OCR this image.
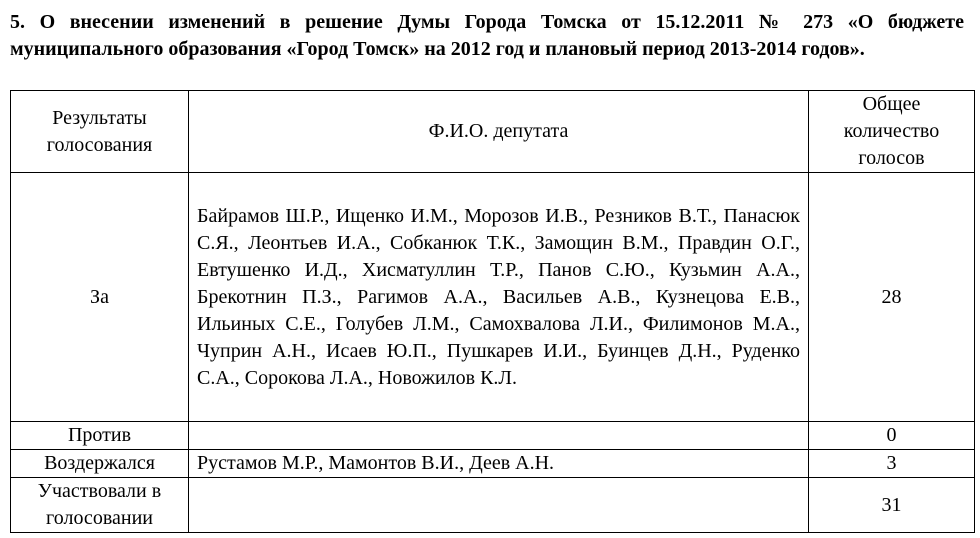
5. О внесении изменений в решение Думы Города Томска от 15.12.2011 № 273 «О бюджете муниципального образования «Город Томск» на 2012 год и плановый период 2013-2014 годов».
Результаты голосования	Ф.И.О. депутата	Общее количество голосов
За	Байрамов Ш.Р., Ищенко И.М., Морозов И.В., Резников В.Т., Панасюк С.Я., Леонтьев И.А., Собканюк Т.К., Замощин В.М., Правдин О.Г., Евтушенко И.Д., Хисматуллин Т.Р., Панов С.Ю., Кузьмин А.А., Брекотнин П.З., Рагимов А.А., Васильев А.В., Кузнецова Е.В., Ильиных С.Е., Голубев Л.М., Самохвалова Л.И., Филимонов М.А., Чуприн А.Н., Исаев Ю.П., Пушкарев И.И., Буинцев Д.Н., Руденко С.А., Сорокова Л.А., Новожилов К.Л.	28
Против		0
Воздержался	Рустамов М.Р., Мамонтов В.И., Деев А.Н.	3
Участвовали в голосовании		31
